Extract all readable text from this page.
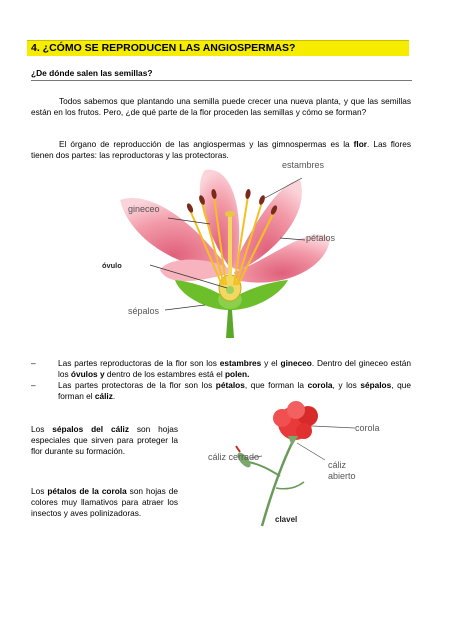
4. ¿CÓMO SE REPRODUCEN LAS ANGIOSPERMAS?
¿De dónde salen las semillas?
Todos sabemos que plantando una semilla puede crecer una nueva planta, y que las semillas están en los frutos. Pero, ¿de qué parte de la flor proceden las semillas y cómo se forman?
El órgano de reproducción de las angiospermas y las gimnospermas es la flor. Las flores tienen dos partes: las reproductoras y las protectoras.
estambres
gineceo
pétalos
óvulo
sépalos
–	Las partes reproductoras de la flor son los estambres y el gineceo. Dentro del gineceo están los óvulos y dentro de los estambres está el polen.
–	Las partes protectoras de la flor son los pétalos, que forman la corola, y los sépalos, que forman el cáliz.
Los sépalos del cáliz son hojas especiales que sirven para proteger la flor durante su formación.
Los pétalos de la corola son hojas de colores muy llamativos para atraer los insectos y aves polinizadoras.
corola
cáliz cerrado
cáliz
abierto
clavel
